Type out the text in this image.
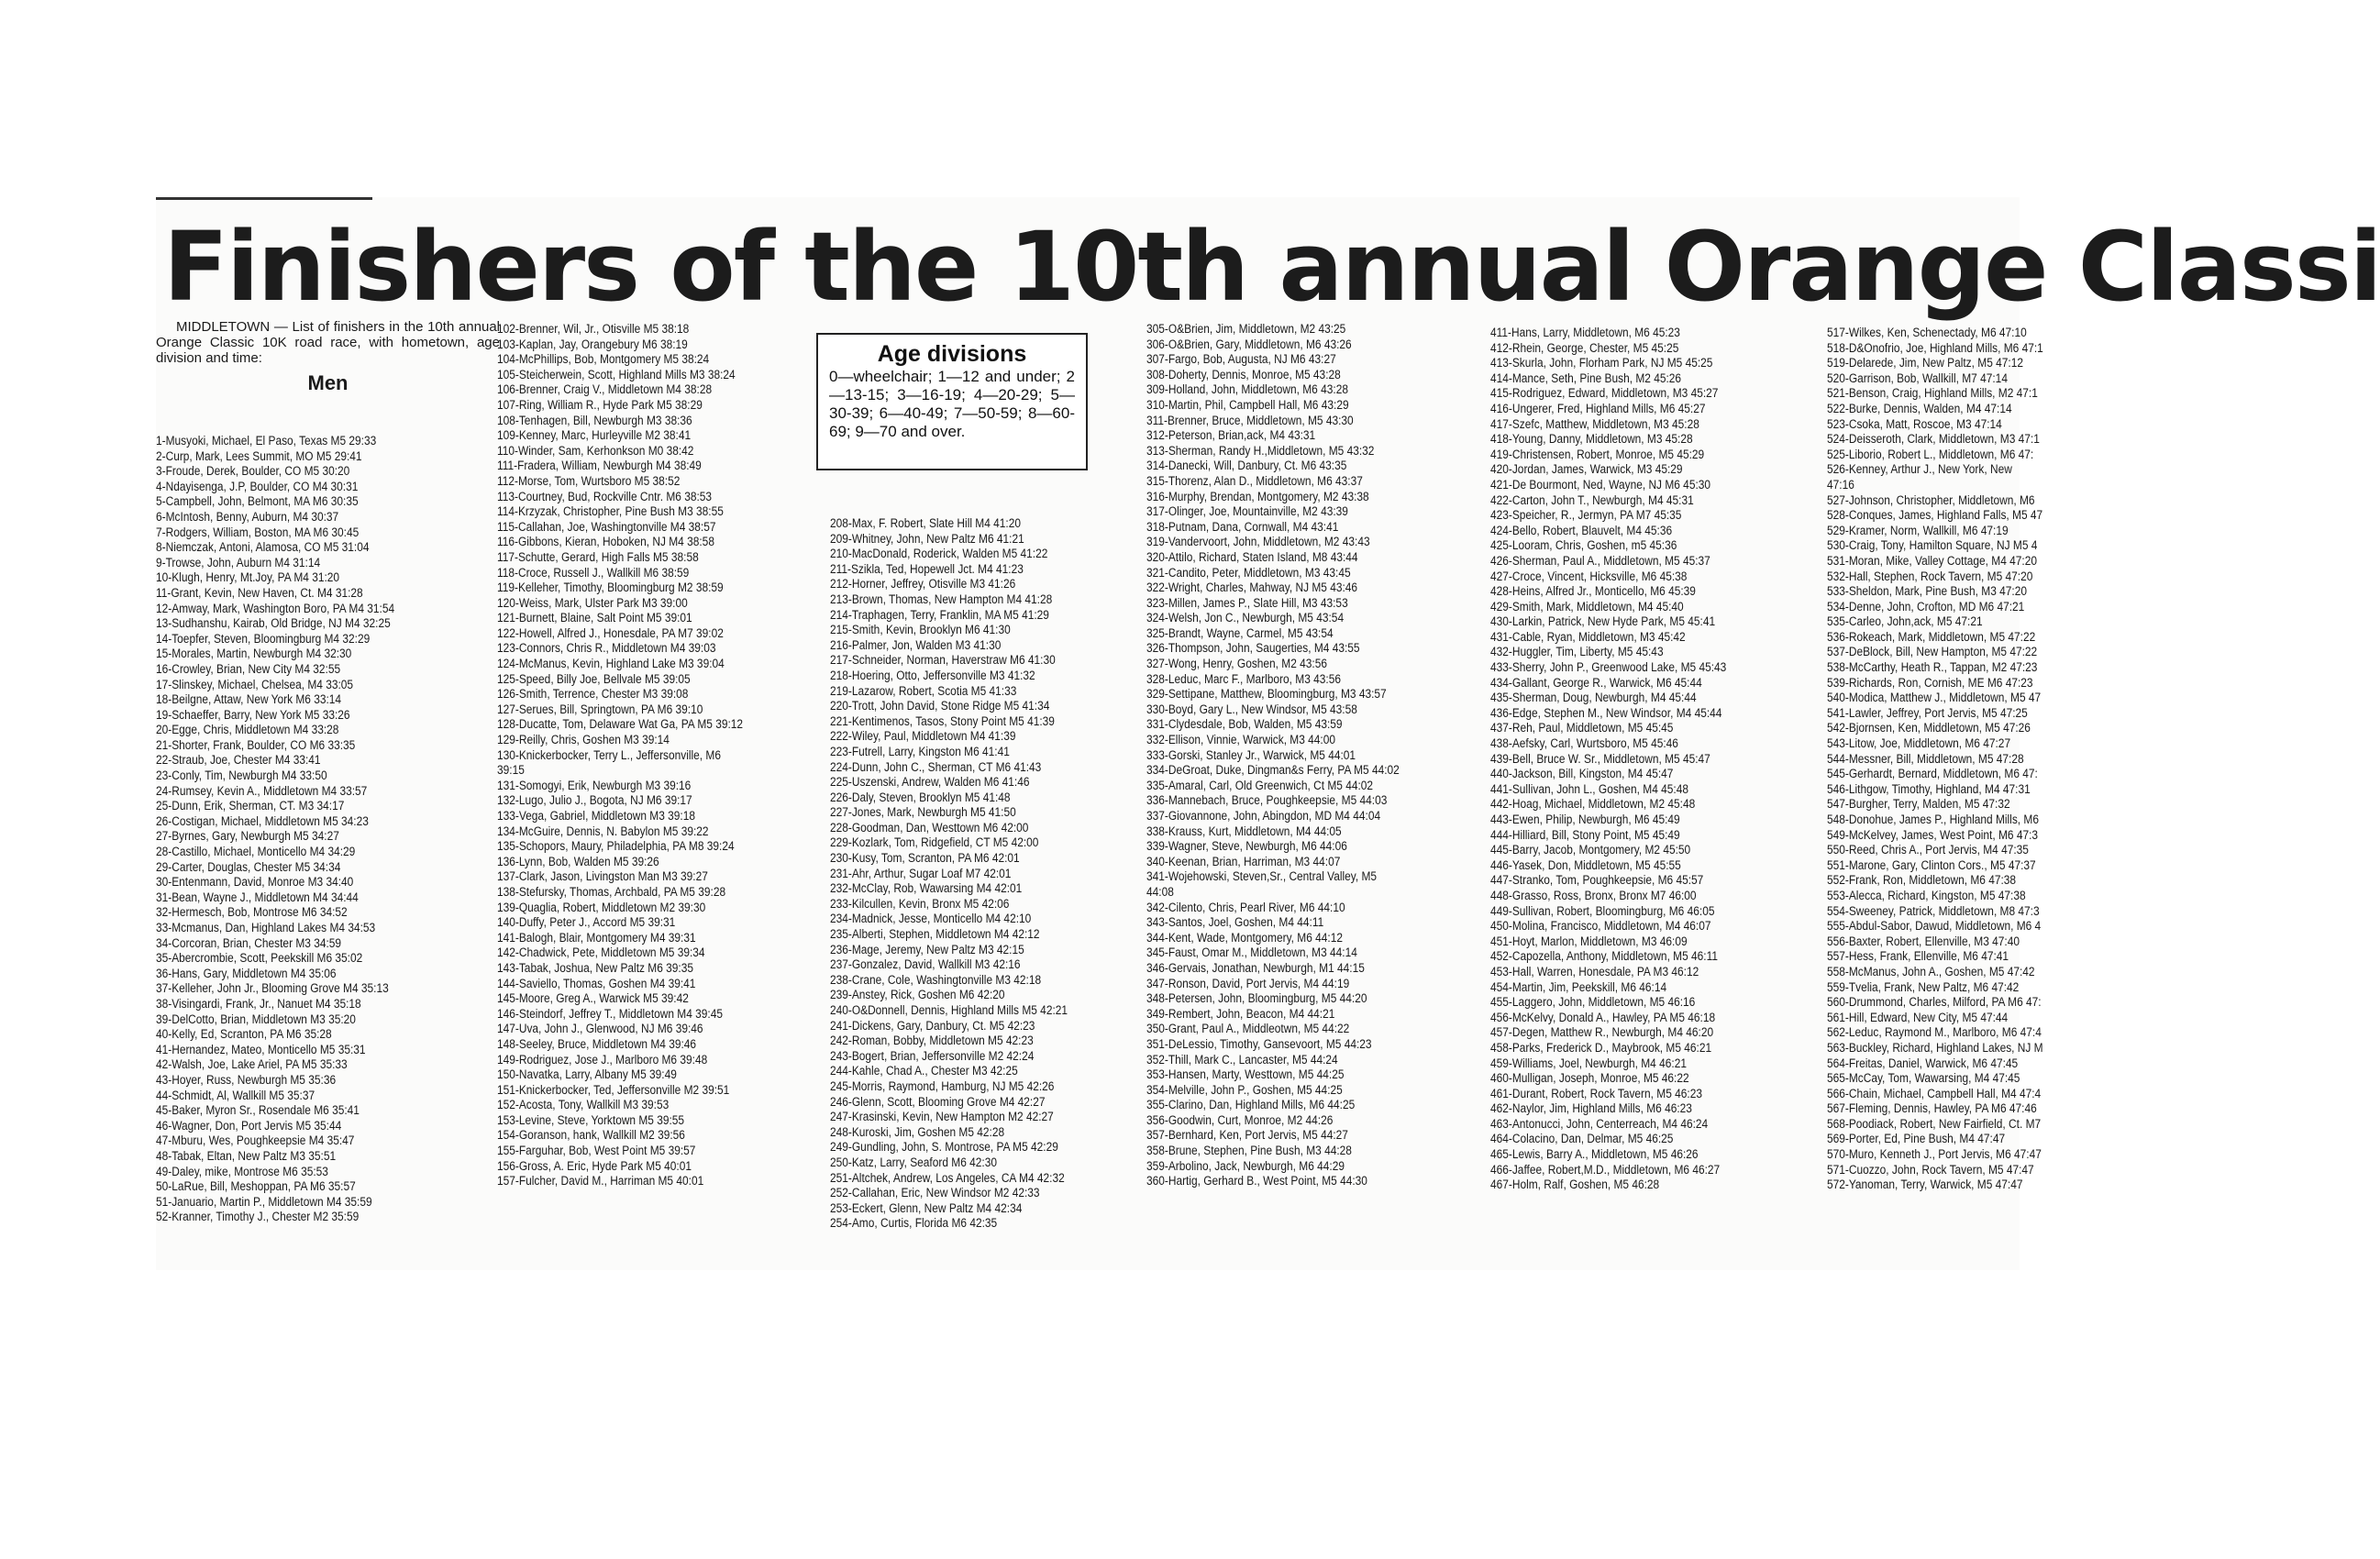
Finishers of the 10th annual Orange Classi
MIDDLETOWN — List of finishers in the 10th annual Orange Classic 10K road race, with hometown, age division and time:
Men
1-Musyoki, Michael, El Paso, Texas M5 29:33
2-Curp, Mark, Lees Summit, MO M5 29:41
3-Froude, Derek, Boulder, CO M5 30:20
4-Ndayisenga, J.P, Boulder, CO M4 30:31
5-Campbell, John, Belmont, MA M6 30:35
6-McIntosh, Benny, Auburn, M4 30:37
7-Rodgers, William, Boston, MA M6 30:45
8-Niemczak, Antoni, Alamosa, CO M5 31:04
9-Trowse, John, Auburn M4 31:14
10-Klugh, Henry, Mt.Joy, PA M4 31:20
11-Grant, Kevin, New Haven, Ct. M4 31:28
12-Amway, Mark, Washington Boro, PA M4 31:54
13-Sudhanshu, Kairab, Old Bridge, NJ M4 32:25
14-Toepfer, Steven, Bloomingburg M4 32:29
15-Morales, Martin, Newburgh M4 32:30
16-Crowley, Brian, New City M4 32:55
17-Slinskey, Michael, Chelsea, M4 33:05
18-Beilgne, Attaw, New York M6 33:14
19-Schaeffer, Barry, New York M5 33:26
20-Egge, Chris, Middletown M4 33:28
21-Shorter, Frank, Boulder, CO M6 33:35
22-Straub, Joe, Chester M4 33:41
23-Conly, Tim, Newburgh M4 33:50
24-Rumsey, Kevin A., Middletown M4 33:57
25-Dunn, Erik, Sherman, CT. M3 34:17
26-Costigan, Michael, Middletown M5 34:23
27-Byrnes, Gary, Newburgh M5 34:27
28-Castillo, Michael, Monticello M4 34:29
29-Carter, Douglas, Chester M5 34:34
30-Entenmann, David, Monroe M3 34:40
31-Bean, Wayne J., Middletown M4 34:44
32-Hermesch, Bob, Montrose M6 34:52
33-Mcmanus, Dan, Highland Lakes M4 34:53
34-Corcoran, Brian, Chester M3 34:59
35-Abercrombie, Scott, Peekskill M6 35:02
36-Hans, Gary, Middletown M4 35:06
37-Kelleher, John Jr., Blooming Grove M4 35:13
38-Visingardi, Frank, Jr., Nanuet M4 35:18
39-DelCotto, Brian, Middletown M3 35:20
40-Kelly, Ed, Scranton, PA M6 35:28
41-Hernandez, Mateo, Monticello M5 35:31
42-Walsh, Joe, Lake Ariel, PA M5 35:33
43-Hoyer, Russ, Newburgh M5 35:36
44-Schmidt, Al, Wallkill M5 35:37
45-Baker, Myron Sr., Rosendale M6 35:41
46-Wagner, Don, Port Jervis M5 35:44
47-Mburu, Wes, Poughkeepsie M4 35:47
48-Tabak, Eltan, New Paltz M3 35:51
49-Daley, mike, Montrose M6 35:53
50-LaRue, Bill, Meshoppan, PA M6 35:57
51-Januario, Martin P., Middletown M4 35:59
52-Kranner, Timothy J., Chester M2 35:59
102-Brenner, Wil, Jr., Otisville M5 38:18
103-Kaplan, Jay, Orangebury M6 38:19
104-McPhillips, Bob, Montgomery M5 38:24
105-Steicherwein, Scott, Highland Mills M3 38:24
106-Brenner, Craig V., Middletown M4 38:28
107-Ring, William R., Hyde Park M5 38:29
108-Tenhagen, Bill, Newburgh M3 38:36
109-Kenney, Marc, Hurleyville M2 38:41
110-Winder, Sam, Kerhonkson M0 38:42
111-Fradera, William, Newburgh M4 38:49
112-Morse, Tom, Wurtsboro M5 38:52
113-Courtney, Bud, Rockville Cntr. M6 38:53
114-Krzyzak, Christopher, Pine Bush M3 38:55
115-Callahan, Joe, Washingtonville M4 38:57
116-Gibbons, Kieran, Hoboken, NJ M4 38:58
117-Schutte, Gerard, High Falls M5 38:58
118-Croce, Russell J., Wallkill M6 38:59
119-Kelleher, Timothy, Bloomingburg M2 38:59
120-Weiss, Mark, Ulster Park M3 39:00
121-Burnett, Blaine, Salt Point M5 39:01
122-Howell, Alfred J., Honesdale, PA M7 39:02
123-Connors, Chris R., Middletown M4 39:03
124-McManus, Kevin, Highland Lake M3 39:04
125-Speed, Billy Joe, Bellvale M5 39:05
126-Smith, Terrence, Chester M3 39:08
127-Serues, Bill, Springtown, PA M6 39:10
128-Ducatte, Tom, Delaware Wat Ga, PA M5 39:12
129-Reilly, Chris, Goshen M3 39:14
130-Knickerbocker, Terry L., Jeffersonville, M6
39:15
131-Somogyi, Erik, Newburgh M3 39:16
132-Lugo, Julio J., Bogota, NJ M6 39:17
133-Vega, Gabriel, Middletown M3 39:18
134-McGuire, Dennis, N. Babylon M5 39:22
135-Schopors, Maury, Philadelphia, PA M8 39:24
136-Lynn, Bob, Walden M5 39:26
137-Clark, Jason, Livingston Man M3 39:27
138-Stefursky, Thomas, Archbald, PA M5 39:28
139-Quaglia, Robert, Middletown M2 39:30
140-Duffy, Peter J., Accord M5 39:31
141-Balogh, Blair, Montgomery M4 39:31
142-Chadwick, Pete, Middletown M5 39:34
143-Tabak, Joshua, New Paltz M6 39:35
144-Saviello, Thomas, Goshen M4 39:41
145-Moore, Greg A., Warwick M5 39:42
146-Steindorf, Jeffrey T., Middletown M4 39:45
147-Uva, John J., Glenwood, NJ M6 39:46
148-Seeley, Bruce, Middletown M4 39:46
149-Rodriguez, Jose J., Marlboro M6 39:48
150-Navatka, Larry, Albany M5 39:49
151-Knickerbocker, Ted, Jeffersonville M2 39:51
152-Acosta, Tony, Wallkill M3 39:53
153-Levine, Steve, Yorktown M5 39:55
154-Goranson, hank, Wallkill M2 39:56
155-Farguhar, Bob, West Point M5 39:57
156-Gross, A. Eric, Hyde Park M5 40:01
157-Fulcher, David M., Harriman M5 40:01
208-Max, F. Robert, Slate Hill M4 41:20
209-Whitney, John, New Paltz M6 41:21
210-MacDonald, Roderick, Walden M5 41:22
211-Szikla, Ted, Hopewell Jct. M4 41:23
212-Horner, Jeffrey, Otisville M3 41:26
213-Brown, Thomas, New Hampton M4 41:28
214-Traphagen, Terry, Franklin, MA M5 41:29
215-Smith, Kevin, Brooklyn M6 41:30
216-Palmer, Jon, Walden M3 41:30
217-Schneider, Norman, Haverstraw M6 41:30
218-Hoering, Otto, Jeffersonville M3 41:32
219-Lazarow, Robert, Scotia M5 41:33
220-Trott, John David, Stone Ridge M5 41:34
221-Kentimenos, Tasos, Stony Point M5 41:39
222-Wiley, Paul, Middletown M4 41:39
223-Futrell, Larry, Kingston M6 41:41
224-Dunn, John C., Sherman, CT M6 41:43
225-Uszenski, Andrew, Walden M6 41:46
226-Daly, Steven, Brooklyn M5 41:48
227-Jones, Mark, Newburgh M5 41:50
228-Goodman, Dan, Westtown M6 42:00
229-Kozlark, Tom, Ridgefield, CT M5 42:00
230-Kusy, Tom, Scranton, PA M6 42:01
231-Ahr, Arthur, Sugar Loaf M7 42:01
232-McClay, Rob, Wawarsing M4 42:01
233-Kilcullen, Kevin, Bronx M5 42:06
234-Madnick, Jesse, Monticello M4 42:10
235-Alberti, Stephen, Middletown M4 42:12
236-Mage, Jeremy, New Paltz M3 42:15
237-Gonzalez, David, Wallkill M3 42:16
238-Crane, Cole, Washingtonville M3 42:18
239-Anstey, Rick, Goshen M6 42:20
240-O&Donnell, Dennis, Highland Mills M5 42:21
241-Dickens, Gary, Danbury, Ct. M5 42:23
242-Roman, Bobby, Middletown M5 42:23
243-Bogert, Brian, Jeffersonville M2 42:24
244-Kahle, Chad A., Chester M3 42:25
245-Morris, Raymond, Hamburg, NJ M5 42:26
246-Glenn, Scott, Blooming Grove M4 42:27
247-Krasinski, Kevin, New Hampton M2 42:27
248-Kuroski, Jim, Goshen M5 42:28
249-Gundling, John, S. Montrose, PA M5 42:29
250-Katz, Larry, Seaford M6 42:30
251-Altchek, Andrew, Los Angeles, CA M4 42:32
252-Callahan, Eric, New Windsor M2 42:33
253-Eckert, Glenn, New Paltz M4 42:34
254-Amo, Curtis, Florida M6 42:35
305-O&Brien, Jim, Middletown, M2 43:25
306-O&Brien, Gary, Middletown, M6 43:26
307-Fargo, Bob, Augusta, NJ M6 43:27
308-Doherty, Dennis, Monroe, M5 43:28
309-Holland, John, Middletown, M6 43:28
310-Martin, Phil, Campbell Hall, M6 43:29
311-Brenner, Bruce, Middletown, M5 43:30
312-Peterson, Brian,ack, M4 43:31
313-Sherman, Randy H.,Middletown, M5 43:32
314-Danecki, Will, Danbury, Ct. M6 43:35
315-Thorenz, Alan D., Middletown, M6 43:37
316-Murphy, Brendan, Montgomery, M2 43:38
317-Olinger, Joe, Mountainville, M2 43:39
318-Putnam, Dana, Cornwall, M4 43:41
319-Vandervoort, John, Middletown, M2 43:43
320-Attilo, Richard, Staten Island, M8 43:44
321-Candito, Peter, Middletown, M3 43:45
322-Wright, Charles, Mahway, NJ M5 43:46
323-Millen, James P., Slate Hill, M3 43:53
324-Welsh, Jon C., Newburgh, M5 43:54
325-Brandt, Wayne, Carmel, M5 43:54
326-Thompson, John, Saugerties, M4 43:55
327-Wong, Henry, Goshen, M2 43:56
328-Leduc, Marc F., Marlboro, M3 43:56
329-Settipane, Matthew, Bloomingburg, M3 43:57
330-Boyd, Gary L., New Windsor, M5 43:58
331-Clydesdale, Bob, Walden, M5 43:59
332-Ellison, Vinnie, Warwick, M3 44:00
333-Gorski, Stanley Jr., Warwick, M5 44:01
334-DeGroat, Duke, Dingman&s Ferry, PA M5 44:02
335-Amaral, Carl, Old Greenwich, Ct M5 44:02
336-Mannebach, Bruce, Poughkeepsie, M5 44:03
337-Giovannone, John, Abingdon, MD M4 44:04
338-Krauss, Kurt, Middletown, M4 44:05
339-Wagner, Steve, Newburgh, M6 44:06
340-Keenan, Brian, Harriman, M3 44:07
341-Wojehowski, Steven,Sr., Central Valley, M5
44:08
342-Cilento, Chris, Pearl River, M6 44:10
343-Santos, Joel, Goshen, M4 44:11
344-Kent, Wade, Montgomery, M6 44:12
345-Faust, Omar M., Middletown, M3 44:14
346-Gervais, Jonathan, Newburgh, M1 44:15
347-Ronson, David, Port Jervis, M4 44:19
348-Petersen, John, Bloomingburg, M5 44:20
349-Rembert, John, Beacon, M4 44:21
350-Grant, Paul A., Middleotwn, M5 44:22
351-DeLessio, Timothy, Gansevoort, M5 44:23
352-Thill, Mark C., Lancaster, M5 44:24
353-Hansen, Marty, Westtown, M5 44:25
354-Melville, John P., Goshen, M5 44:25
355-Clarino, Dan, Highland Mills, M6 44:25
356-Goodwin, Curt, Monroe, M2 44:26
357-Bernhard, Ken, Port Jervis, M5 44:27
358-Brune, Stephen, Pine Bush, M3 44:28
359-Arbolino, Jack, Newburgh, M6 44:29
360-Hartig, Gerhard B., West Point, M5 44:30
411-Hans, Larry, Middletown, M6 45:23
412-Rhein, George, Chester, M5 45:25
413-Skurla, John, Florham Park, NJ M5 45:25
414-Mance, Seth, Pine Bush, M2 45:26
415-Rodriguez, Edward, Middletown, M3 45:27
416-Ungerer, Fred, Highland Mills, M6 45:27
417-Szefc, Matthew, Middletown, M3 45:28
418-Young, Danny, Middletown, M3 45:28
419-Christensen, Robert, Monroe, M5 45:29
420-Jordan, James, Warwick, M3 45:29
421-De Bourmont, Ned, Wayne, NJ M6 45:30
422-Carton, John T., Newburgh, M4 45:31
423-Speicher, R., Jermyn, PA M7 45:35
424-Bello, Robert, Blauvelt, M4 45:36
425-Looram, Chris, Goshen, m5 45:36
426-Sherman, Paul A., Middletown, M5 45:37
427-Croce, Vincent, Hicksville, M6 45:38
428-Heins, Alfred Jr., Monticello, M6 45:39
429-Smith, Mark, Middletown, M4 45:40
430-Larkin, Patrick, New Hyde Park, M5 45:41
431-Cable, Ryan, Middletown, M3 45:42
432-Huggler, Tim, Liberty, M5 45:43
433-Sherry, John P., Greenwood Lake, M5 45:43
434-Gallant, George R., Warwick, M6 45:44
435-Sherman, Doug, Newburgh, M4 45:44
436-Edge, Stephen M., New Windsor, M4 45:44
437-Reh, Paul, Middletown, M5 45:45
438-Aefsky, Carl, Wurtsboro, M5 45:46
439-Bell, Bruce W. Sr., Middletown, M5 45:47
440-Jackson, Bill, Kingston, M4 45:47
441-Sullivan, John L., Goshen, M4 45:48
442-Hoag, Michael, Middletown, M2 45:48
443-Ewen, Philip, Newburgh, M6 45:49
444-Hilliard, Bill, Stony Point, M5 45:49
445-Barry, Jacob, Montgomery, M2 45:50
446-Yasek, Don, Middletown, M5 45:55
447-Stranko, Tom, Poughkeepsie, M6 45:57
448-Grasso, Ross, Bronx, Bronx M7 46:00
449-Sullivan, Robert, Bloomingburg, M6 46:05
450-Molina, Francisco, Middletown, M4 46:07
451-Hoyt, Marlon, Middletown, M3 46:09
452-Capozella, Anthony, Middletown, M5 46:11
453-Hall, Warren, Honesdale, PA M3 46:12
454-Martin, Jim, Peekskill, M6 46:14
455-Laggero, John, Middletown, M5 46:16
456-McKelvy, Donald A., Hawley, PA M5 46:18
457-Degen, Matthew R., Newburgh, M4 46:20
458-Parks, Frederick D., Maybrook, M5 46:21
459-Williams, Joel, Newburgh, M4 46:21
460-Mulligan, Joseph, Monroe, M5 46:22
461-Durant, Robert, Rock Tavern, M5 46:23
462-Naylor, Jim, Highland Mills, M6 46:23
463-Antonucci, John, Centerreach, M4 46:24
464-Colacino, Dan, Delmar, M5 46:25
465-Lewis, Barry A., Middletown, M5 46:26
466-Jaffee, Robert,M.D., Middletown, M6 46:27
467-Holm, Ralf, Goshen, M5 46:28
517-Wilkes, Ken, Schenectady, M6 47:10
518-D&Onofrio, Joe, Highland Mills, M6 47:1
519-Delarede, Jim, New Paltz, M5 47:12
520-Garrison, Bob, Wallkill, M7 47:14
521-Benson, Craig, Highland Mills, M2 47:1
522-Burke, Dennis, Walden, M4 47:14
523-Csoka, Matt, Roscoe, M3 47:14
524-Deisseroth, Clark, Middletown, M3 47:1
525-Liborio, Robert L., Middletown, M6 47:
526-Kenney, Arthur J., New York, New
47:16
527-Johnson, Christopher, Middletown, M6
528-Conques, James, Highland Falls, M5 47
529-Kramer, Norm, Wallkill, M6 47:19
530-Craig, Tony, Hamilton Square, NJ M5 4
531-Moran, Mike, Valley Cottage, M4 47:20
532-Hall, Stephen, Rock Tavern, M5 47:20
533-Sheldon, Mark, Pine Bush, M3 47:20
534-Denne, John, Crofton, MD M6 47:21
535-Carleo, John,ack, M5 47:21
536-Rokeach, Mark, Middletown, M5 47:22
537-DeBlock, Bill, New Hampton, M5 47:22
538-McCarthy, Heath R., Tappan, M2 47:23
539-Richards, Ron, Cornish, ME M6 47:23
540-Modica, Matthew J., Middletown, M5 47
541-Lawler, Jeffrey, Port Jervis, M5 47:25
542-Bjornsen, Ken, Middletown, M5 47:26
543-Litow, Joe, Middletown, M6 47:27
544-Messner, Bill, Middletown, M5 47:28
545-Gerhardt, Bernard, Middletown, M6 47:
546-Lithgow, Timothy, Highland, M4 47:31
547-Burgher, Terry, Malden, M5 47:32
548-Donohue, James P., Highland Mills, M6
549-McKelvey, James, West Point, M6 47:3
550-Reed, Chris A., Port Jervis, M4 47:35
551-Marone, Gary, Clinton Cors., M5 47:37
552-Frank, Ron, Middletown, M6 47:38
553-Alecca, Richard, Kingston, M5 47:38
554-Sweeney, Patrick, Middletown, M8 47:3
555-Abdul-Sabor, Dawud, Middletown, M6 4
556-Baxter, Robert, Ellenville, M3 47:40
557-Hess, Frank, Ellenville, M6 47:41
558-McManus, John A., Goshen, M5 47:42
559-Tvelia, Frank, New Paltz, M6 47:42
560-Drummond, Charles, Milford, PA M6 47:
561-Hill, Edward, New City, M5 47:44
562-Leduc, Raymond M., Marlboro, M6 47:4
563-Buckley, Richard, Highland Lakes, NJ M
564-Freitas, Daniel, Warwick, M6 47:45
565-McCay, Tom, Wawarsing, M4 47:45
566-Chain, Michael, Campbell Hall, M4 47:4
567-Fleming, Dennis, Hawley, PA M6 47:46
568-Poodiack, Robert, New Fairfield, Ct. M7
569-Porter, Ed, Pine Bush, M4 47:47
570-Muro, Kenneth J., Port Jervis, M6 47:47
571-Cuozzo, John, Rock Tavern, M5 47:47
572-Yanoman, Terry, Warwick, M5 47:47
Age divisions
0—wheelchair; 1—12 and under; 2—13-15; 3—16-19; 4—20-29; 5—30-39; 6—40-49; 7—50-59; 8—60-69; 9—70 and over.
